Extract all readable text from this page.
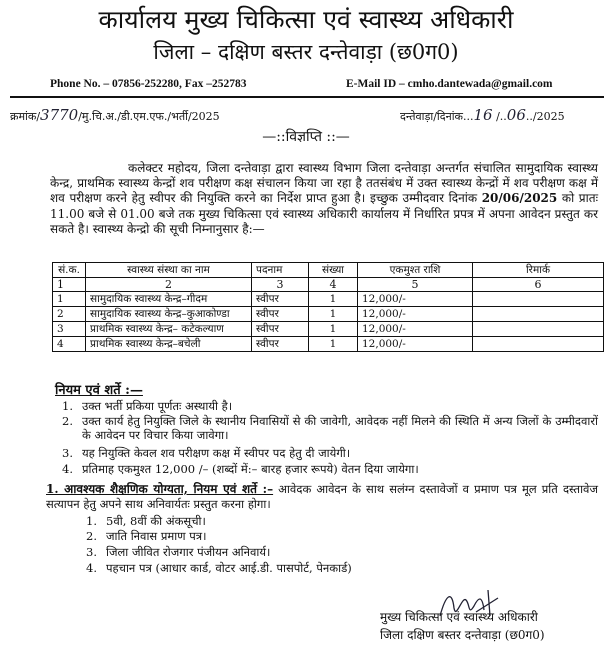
कार्यालय मुख्य चिकित्सा एवं स्वास्थ्य अधिकारी
जिला – दक्षिण बस्तर दन्तेवाड़ा (छ0ग0)
Phone No. – 07856-252280, Fax –252783	E-Mail ID – cmho.dantewada@gmail.com
क्रमांक/3770/मु.चि.अ./डी.एम.एफ./भर्ती/2025	दन्तेवाड़ा/दिनांक...16 /..06../2025
—::विज्ञप्ति ::—
कलेक्टर महोदय, जिला दन्तेवाड़ा द्वारा स्वास्थ्य विभाग जिला दन्तेवाड़ा अन्तर्गत संचालित सामुदायिक स्वास्थ्य केन्द्र, प्राथमिक स्वास्थ्य केन्द्रों शव परीक्षण कक्ष संचालन किया जा रहा है ततसंबंध में उक्त स्वास्थ्य केन्द्रों में शव परीक्षण कक्ष में शव परीक्षण करने हेतु स्वीपर की नियुक्ति करने का निर्देश प्राप्त हुआ है। इच्छुक उम्मीदवार दिनांक 20/06/2025 को प्रातः 11.00 बजे से 01.00 बजे तक मुख्य चिकित्सा एवं स्वास्थ्य अधिकारी कार्यालय में निर्धारित प्रपत्र में अपना आवेदन प्रस्तुत कर सकते है। स्वास्थ्य केन्द्रो की सूची निम्नानुसार है:—
सं.क.	स्वास्थ्य संस्था का नाम	पदनाम	संख्या	एकमुश्त राशि	रिमार्क
1	2	3	4	5	6
1	सामुदायिक स्वास्थ्य केन्द्र–गीदम	स्वीपर	1	12,000/-	
2	सामुदायिक स्वास्थ्य केन्द्र–कुआकोण्डा	स्वीपर	1	12,000/-	
3	प्राथमिक स्वास्थ्य केन्द्र– कटेकल्याण	स्वीपर	1	12,000/-	
4	प्राथमिक स्वास्थ्य केन्द्र–बचेली	स्वीपर	1	12,000/-	
नियम एवं शर्ते :—
1. उक्त भर्ती प्रकिया पूर्णतः अस्थायी है।
2. उक्त कार्य हेतु नियुक्ति जिले के स्थानीय निवासियों से की जावेगी, आवेदक नहीं मिलने की स्थिति में अन्य जिलों के उम्मीदवारों के आवेदन पर विचार किया जावेगा।
3. यह नियुक्ति केवल शव परीक्षण कक्ष में स्वीपर पद हेतु दी जायेगी।
4. प्रतिमाह एकमुश्त 12,000 /– (शब्दों में:– बारह हजार रूपये) वेतन दिया जायेगा।
1. आवश्यक शैक्षणिक योग्यता, नियम एवं शर्ते :– आवेदक आवेदन के साथ सलंग्न दस्तावेजों व प्रमाण पत्र मूल प्रति दस्तावेज सत्यापन हेतु अपने साथ अनिवार्यतः प्रस्तुत करना होगा।
1. 5वी, 8वीं की अंकसूची।
2. जाति निवास प्रमाण पत्र।
3. जिला जीवित रोजगार पंजीयन अनिवार्य।
4. पहचान पत्र (आधार कार्ड, वोटर आई.डी. पासपोर्ट, पेनकार्ड)
मुख्य चिकित्सा एवं स्वास्थ्य अधिकारी
जिला दक्षिण बस्तर दन्तेवाड़ा (छ0ग0)
